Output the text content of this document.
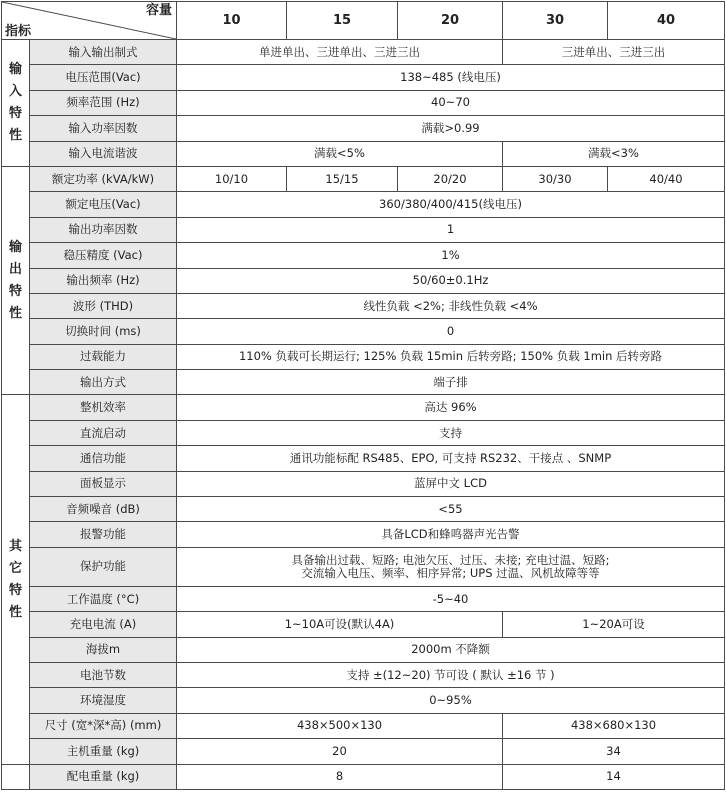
容量
指标		10	15	20	30	40

输
入
特
性	输入输出制式	单进单出、三进单出、三进三出			三进单出、三进三出	
	电压范围(Vac)	138~485 (线电压)				
	频率范围 (Hz)	40~70				
	输入功率因数	满载>0.99				
	输入电流谐波	满载<5%			满载<3%	

输
出
特
性	额定功率 (kVA/kW)	10/10	15/15	20/20	30/30	40/40
	额定电压(Vac)	360/380/400/415(线电压)				
	输出功率因数	1				
	稳压精度 (Vac)	1%				
	输出频率 (Hz)	50/60±0.1Hz				
	波形 (THD)	线性负载 <2%; 非线性负载 <4%				
	切换时间 (ms)	0				
	过载能力	110% 负载可长期运行; 125% 负载 15min 后转旁路; 150% 负载 1min 后转旁路				
	输出方式	端子排				

其
它
特
性	整机效率	高达 96%				
	直流启动	支持				
	通信功能	通讯功能标配 RS485、EPO, 可支持 RS232、干接点 、SNMP				
	面板显示	蓝屏中文 LCD				
	音频噪音 (dB)	<55				
	报警功能	具备LCD和蜂鸣器声光告警				
	保护功能	具备输出过载、短路; 电池欠压、过压、未接; 充电过温、短路;
交流输入电压、频率、相序异常; UPS 过温、风机故障等等				

	工作温度 (°C)	-5~40				
	充电电流 (A)	1~10A可设(默认4A)			1~20A可设	
	海拔m	2000m 不降额				
	电池节数	支持 ±(12~20) 节可设 ( 默认 ±16 节 )				
	环境湿度	0~95%				
	尺寸 (宽*深*高) (mm)	438×500×130			438×680×130	
	主机重量 (kg)	20			34	
	配电重量 (kg)	8			14	
